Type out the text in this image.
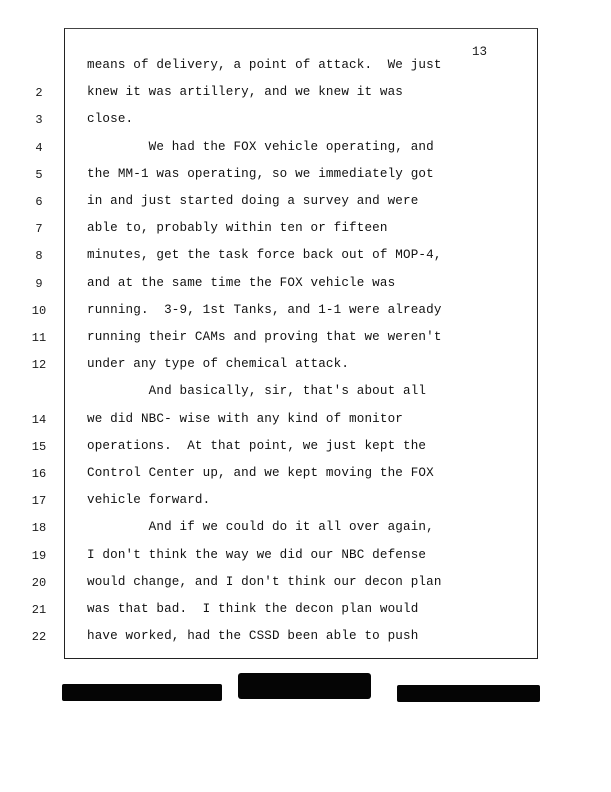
13
means of delivery, a point of attack.  We just
2	knew it was artillery, and we knew it was
3	close.
4	We had the FOX vehicle operating, and
5	the MM-1 was operating, so we immediately got
6	in and just started doing a survey and were
7	able to, probably within ten or fifteen
8	minutes, get the task force back out of MOP-4,
9	and at the same time the FOX vehicle was
10	running.  3-9, 1st Tanks, and 1-1 were already
11	running their CAMs and proving that we weren't
12	under any type of chemical attack.
And basically, sir, that's about all
14	we did NBC- wise with any kind of monitor
15	operations.  At that point, we just kept the
16	Control Center up, and we kept moving the FOX
17	vehicle forward.
18	And if we could do it all over again,
19	I don't think the way we did our NBC defense
20	would change, and I don't think our decon plan
21	was that bad.  I think the decon plan would
22	have worked, had the CSSD been able to push
